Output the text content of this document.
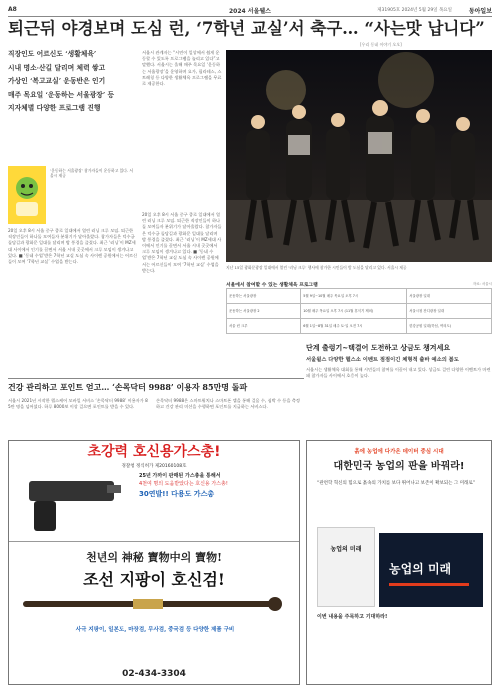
A8	2024 서울웰스	제31905호 2024년 5월 29일 목요일	동아일보
퇴근뒤 야경보며 도심 런, ‘7학년 교실’서 축구… “사는맛 납니다”
[우리 동네 이야기 오오]
직장인도 어르신도 ‘생활체육’
시내 명소·산길 달리며 체력 쌓고
가상인 ‘복고교실’ 운동반은 인기
매주 목요일 ‘운동하는 서울광장’ 등
지자체별 다양한 프로그램 진행
‘운동하는 서울광장’ 참가자들이 운동하고 있다. 서울시 제공
20일 오후 8시 서울 중구 종로 일대에서 열린 러닝 크루 모임. 퇴근한 직장인들이 하나둘 모여들자 분위기가 달아올랐다. 참가자들은 덕수궁 돌담길과 광화문 일대를 달리며 밤 풍경을 즐겼다. 최근 ‘러닝’이 MZ세대 사이에서 인기를 끌면서 서울 시내 곳곳에서 크루 모임이 생겨나고 있다. ■ ‘동네 수업’받은 7학년 교실 도심 속 사이렌 공원에서는 어르신들이 모여 ‘7학년 교실’ 수업을 받는다.
서울시 관계자는 “시민이 일상에서 쉽게 운동할 수 있도록 프로그램을 늘리고 있다”고 말했다. 서울시는 올해 매주 목요일 ‘운동하는 서울광장’을 운영하며 요가, 필라테스, 스트레칭 등 다양한 생활체육 프로그램을 무료로 제공한다.
지난 15일 광화문광장 일대에서 열린 ‘러닝 크루’ 행사에 참가한 시민들이 밤 도심을 달리고 있다. 서울시 제공
서울에서 참여할 수 있는 생활체육 프로그램	자료: 서울시
운동하는 서울광장	5월 9일~10월 매주 목요일 오후 7시	서울광장 일대
운동하는 서울광장 2	10월 매주 목요일 오후 7시 (11월 휴식기 제외)	서울시청 잔디광장 일대
서울 런 크루	6월 1일~8월 31일 매주 토·일 오전 7시	한강공원 일대(뚝섬, 여의도)
단계 출렁기~택결어 도전하고 상금도 챙겨세요
20일 오후 8시 서울 중구 종로 일대에서 열린 러닝 크루 모임. 퇴근한 직장인들이 하나둘 모여들자 분위기가 달아올랐다. 참가자들은 덕수궁 돌담길과 광화문 일대를 달리며 밤 풍경을 즐겼다. 최근 ‘러닝’이 MZ세대 사이에서 인기를 끌면서 서울 시내 곳곳에서 크루 모임이 생겨나고 있다. ■ ‘동네 수업’받은 7학년 교실 도심 속 사이렌 공원에서는 어르신들이 모여 ‘7학년 교실’ 수업을 받는다.
서울윌스 다양한 헬스소 이벤트 점점이긴 체형적 출바 예소의 봅도
서울시는 생활체육 대회를 통해 시민들의 참여를 이끌어 내고 있다. 상금도 걸린 다양한 이벤트가 마련돼 참가자들 사이에서 호응이 높다.
건강 관리하고 포인트 얻고… ‘손목닥터 9988’ 이용자 85만명 돌파
서울시 2021년 시작한 헬스케어 모바일 서비스 ‘손목닥터 9988’ 이용자가 85만 명을 넘어섰다. 하루 8000보 이상 걸으면 포인트를 받을 수 있다.
손목닥터 9988은 스마트워치나 스마트폰 앱을 통해 걸음 수, 심박 수 등을 측정하고 건강 관리 미션을 수행하면 포인트를 지급하는 서비스다.
초강력 호신용가스총!
경찰청 정식허가 제20160108호
25년 가까이 판매된 가스총을 통해서
4천여 명의 도움받았다는 호신용 가스총!
30연발!! 다용도 가스총
천년의 神秘 寶物中의 寶物!
조선 지팡이 호신검!
사극 지팡이, 일본도, 마장검, 무사검, 중국검 등 다양한 제품 구비
02-434-3304
흙에 농업에 다가온 데이터 중심 시대
대한민국 농업의 판을 바꿔라!
“관련학 혁신의 힘으로 흙속의 가치를 보다 뛰어나고 보존이 확보되는 그 미래로”
농업의 미래
농업의 미래
이번 내용을 주목하고 기대하라!
